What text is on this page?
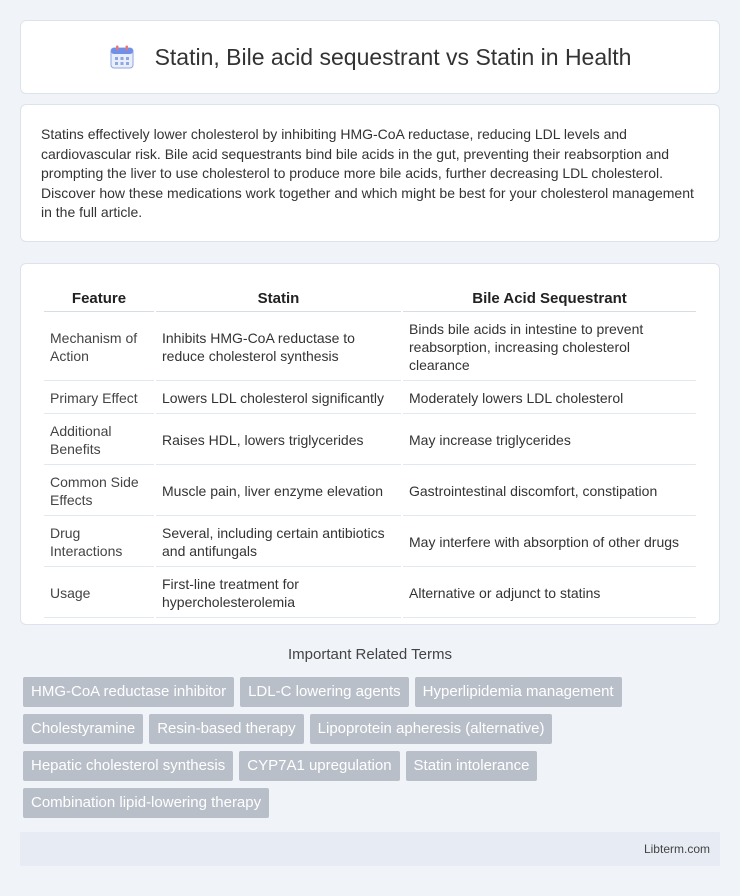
Statin, Bile acid sequestrant vs Statin in Health

Statins effectively lower cholesterol by inhibiting HMG-CoA reductase, reducing LDL levels and cardiovascular risk. Bile acid sequestrants bind bile acids in the gut, preventing their reabsorption and prompting the liver to use cholesterol to produce more bile acids, further decreasing LDL cholesterol. Discover how these medications work together and which might be best for your cholesterol management in the full article.

Feature	Statin	Bile Acid Sequestrant
Mechanism of Action	Inhibits HMG-CoA reductase to reduce cholesterol synthesis	Binds bile acids in intestine to prevent reabsorption, increasing cholesterol clearance
Primary Effect	Lowers LDL cholesterol significantly	Moderately lowers LDL cholesterol
Additional Benefits	Raises HDL, lowers triglycerides	May increase triglycerides
Common Side Effects	Muscle pain, liver enzyme elevation	Gastrointestinal discomfort, constipation
Drug Interactions	Several, including certain antibiotics and antifungals	May interfere with absorption of other drugs
Usage	First-line treatment for hypercholesterolemia	Alternative or adjunct to statins
Important Related Terms
HMG-CoA reductase inhibitor	LDL-C lowering agents	Hyperlipidemia management
Cholestyramine	Resin-based therapy	Lipoprotein apheresis (alternative)
Hepatic cholesterol synthesis	CYP7A1 upregulation	Statin intolerance
Combination lipid-lowering therapy
Libterm.com
